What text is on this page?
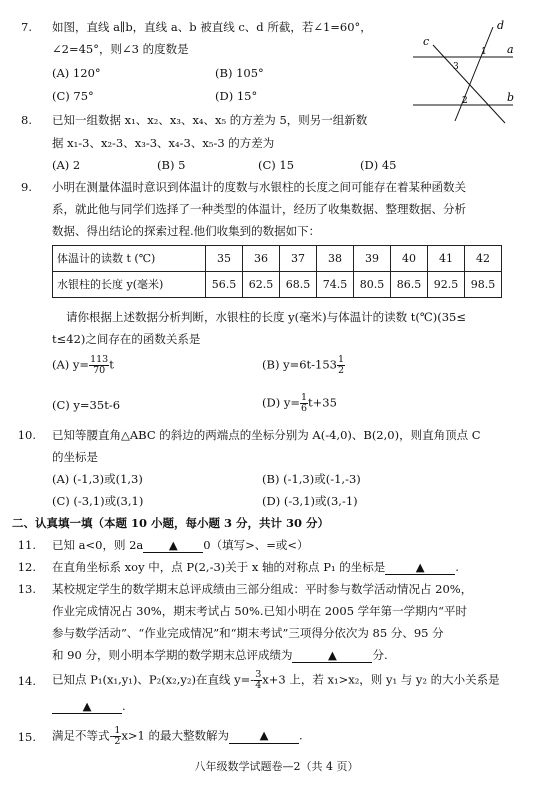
7. 如图，直线 a∥b，直线 a、b 被直线 c、d 所截，若∠1=60°，
∠2=45°，则∠3 的度数是
(A) 120°	(B) 105°
(C) 75°	(D) 15°
c
d
a
b
1
2
3
8. 已知一组数据 x₁、x₂、x₃、x₄、x₅ 的方差为 5，则另一组新数
据 x₁-3、x₂-3、x₃-3、x₄-3、x₅-3 的方差为
(A) 2	(B) 5	(C) 15	(D) 45
9. 小明在测量体温时意识到体温计的度数与水银柱的长度之间可能存在着某种函数关
系，就此他与同学们选择了一种类型的体温计，经历了收集数据、整理数据、分析
数据、得出结论的探索过程.他们收集到的数据如下：
体温计的读数 t (℃)	35	36	37	38	39	40	41	42
水银柱的长度 y(毫米)	56.5	62.5	68.5	74.5	80.5	86.5	92.5	98.5
请你根据上述数据分析判断，水银柱的长度 y(毫米)与体温计的读数 t(℃)(35≤
t≤42)之间存在的函数关系是
(A) $y= \frac{113}{70}$ t	(B) $y=6t-153 \frac{1}{2}$
(C) y=35t-6	(D) $y= \frac{1}{6} t+35$
10. 已知等腰直角△ABC 的斜边的两端点的坐标分别为 A(-4,0)、B(2,0)，则直角顶点 C
的坐标是
(A) (-1,3)或(1,3)	(B) (-1,3)或(-1,-3)
(C) (-3,1)或(3,1)	(D) (-3,1)或(3,-1)
二、认真填一填（本题 10 小题，每小题 3 分，共计 30 分）
11. 已知 a<0，则 2a ▲ 0（填写>、=或<）
12. 在直角坐标系 xoy 中，点 P(2,-3)关于 x 轴的对称点 P₁ 的坐标是	▲	.
13. 某校规定学生的数学期末总评成绩由三部分组成：平时参与数学活动情况占 20%，
作业完成情况占 30%，期末考试占 50%.已知小明在 2005 学年第一学期内“平时
参与数学活动”、“作业完成情况”和“期末考试”三项得分依次为 85 分、95 分
和 90 分，则小明本学期的数学期末总评成绩为	▲	分.
14. 已知点 P₁(x₁,y₁)、P₂(x₂,y₂)在直线 $y=- \frac{3}{4} x+3$ 上，若 x₁>x₂，则 y₁ 与 y₂ 的大小关系是
▲	.
15. 满足不等式- $\frac{1}{2} x>1$ 的最大整数解为	▲	.
八年级数学试题卷—2（共 4 页）
